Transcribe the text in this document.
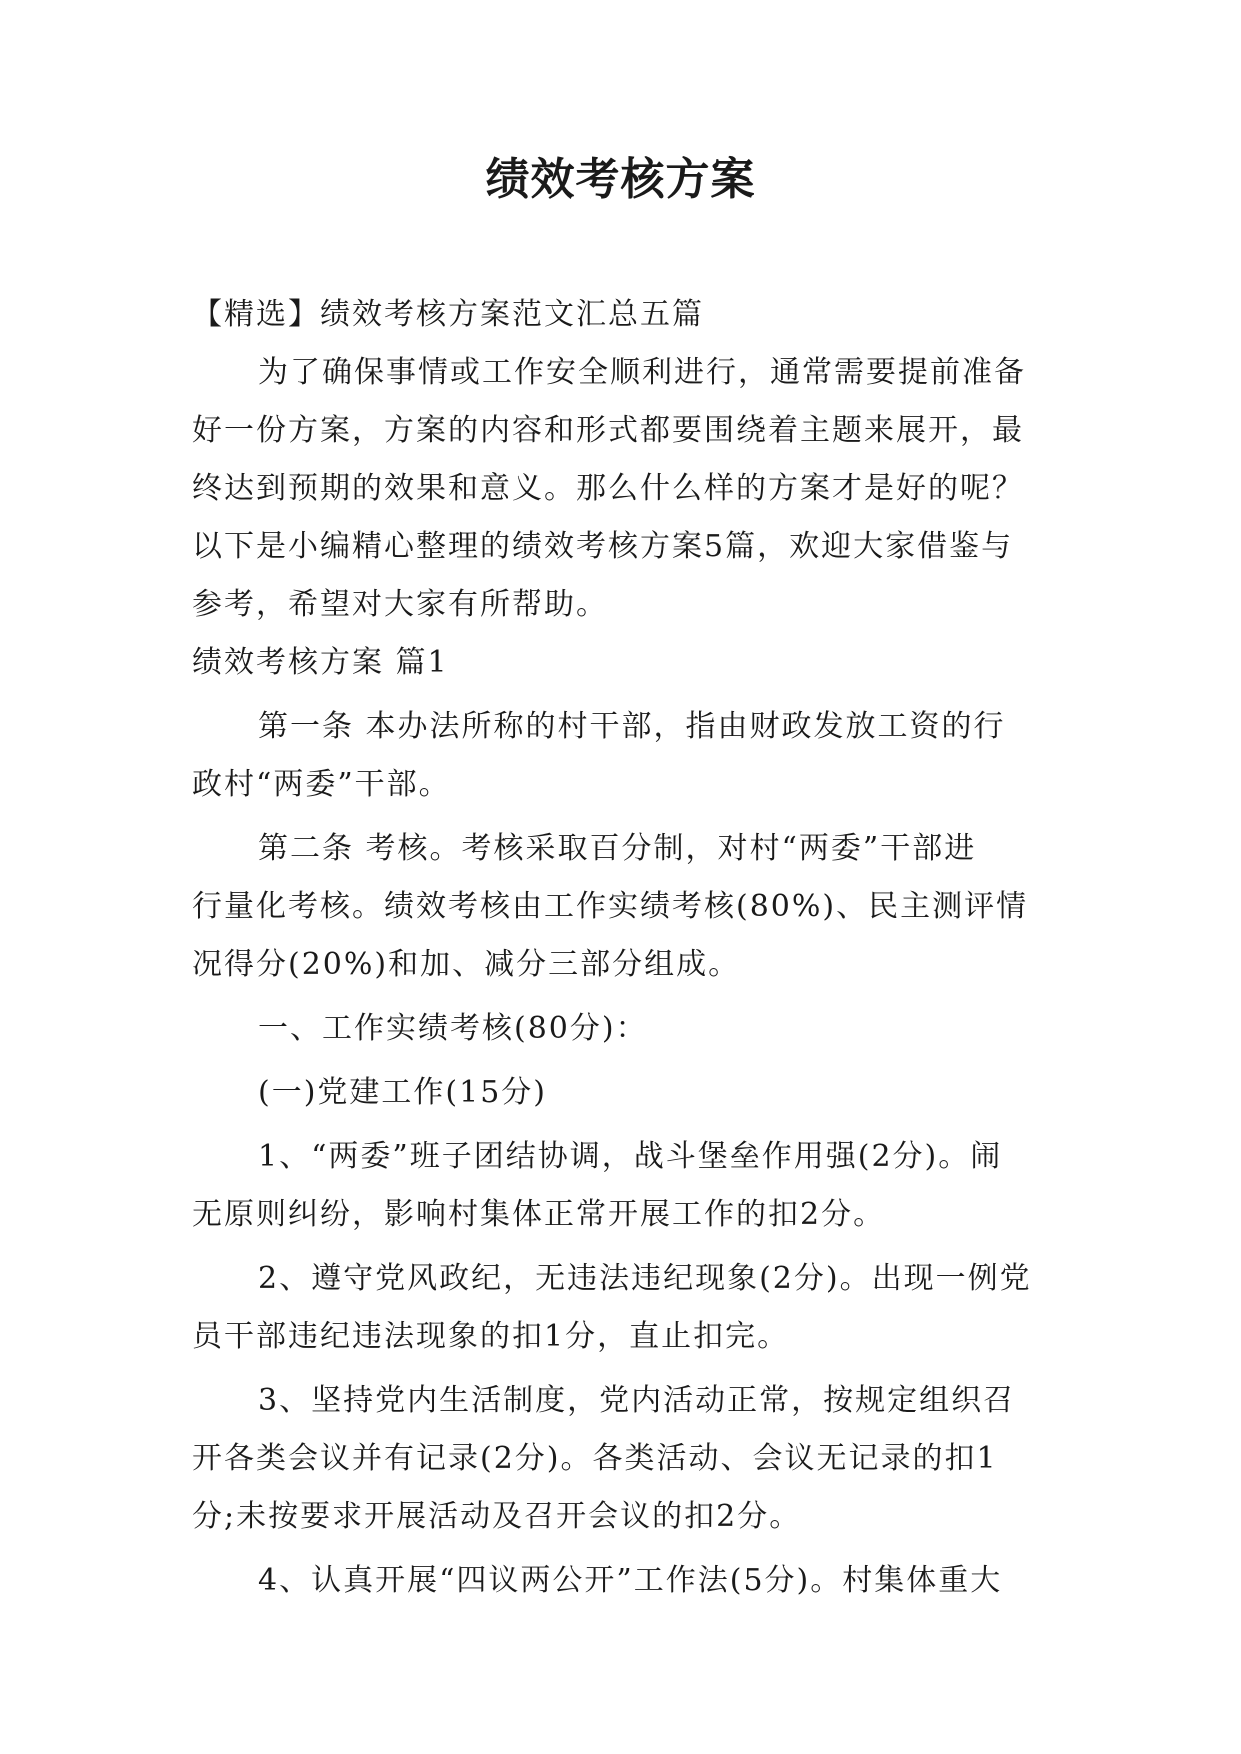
绩效考核方案
【精选】绩效考核方案范文汇总五篇
为了确保事情或工作安全顺利进行，通常需要提前准备
好一份方案，方案的内容和形式都要围绕着主题来展开，最
终达到预期的效果和意义。那么什么样的方案才是好的呢？
以下是小编精心整理的绩效考核方案5篇，欢迎大家借鉴与
参考，希望对大家有所帮助。
绩效考核方案 篇1
第一条 本办法所称的村干部，指由财政发放工资的行
政村“两委”干部。
第二条 考核。考核采取百分制，对村“两委”干部进
行量化考核。绩效考核由工作实绩考核(80%)、民主测评情
况得分(20%)和加、减分三部分组成。
一、工作实绩考核(80分)：
(一)党建工作(15分)
1、“两委”班子团结协调，战斗堡垒作用强(2分)。闹
无原则纠纷，影响村集体正常开展工作的扣2分。
2、遵守党风政纪，无违法违纪现象(2分)。出现一例党
员干部违纪违法现象的扣1分，直止扣完。
3、坚持党内生活制度，党内活动正常，按规定组织召
开各类会议并有记录(2分)。各类活动、会议无记录的扣1
分;未按要求开展活动及召开会议的扣2分。
4、认真开展“四议两公开”工作法(5分)。村集体重大
